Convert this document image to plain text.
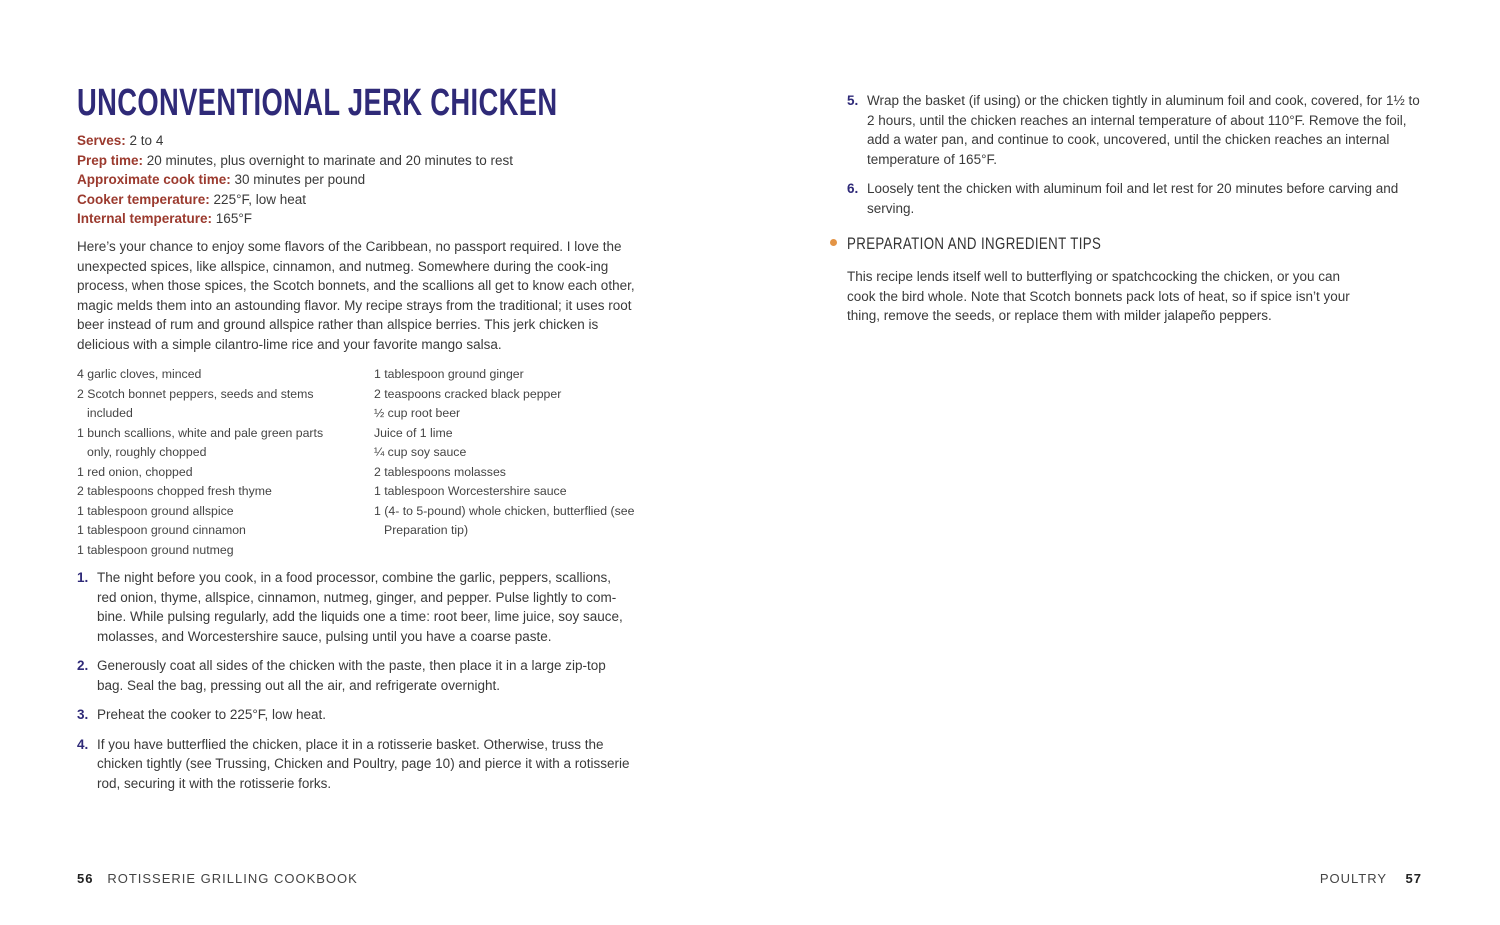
UNCONVENTIONAL JERK CHICKEN
Serves: 2 to 4
Prep time: 20 minutes, plus overnight to marinate and 20 minutes to rest
Approximate cook time: 30 minutes per pound
Cooker temperature: 225°F, low heat
Internal temperature: 165°F

Here’s your chance to enjoy some flavors of the Caribbean, no passport required. I love the unexpected spices, like allspice, cinnamon, and nutmeg. Somewhere during the cook-ing process, when those spices, the Scotch bonnets, and the scallions all get to know each other, magic melds them into an astounding flavor. My recipe strays from the traditional; it uses root beer instead of rum and ground allspice rather than allspice berries. This jerk chicken is delicious with a simple cilantro-lime rice and your favorite mango salsa.

4 garlic cloves, minced
2 Scotch bonnet peppers, seeds and stems included
1 bunch scallions, white and pale green parts only, roughly chopped
1 red onion, chopped
2 tablespoons chopped fresh thyme
1 tablespoon ground allspice
1 tablespoon ground cinnamon
1 tablespoon ground nutmeg
1 tablespoon ground ginger
2 teaspoons cracked black pepper
½ cup root beer
Juice of 1 lime
¼ cup soy sauce
2 tablespoons molasses
1 tablespoon Worcestershire sauce
1 (4- to 5-pound) whole chicken, butterflied (see Preparation tip)
1. The night before you cook, in a food processor, combine the garlic, peppers, scallions, red onion, thyme, allspice, cinnamon, nutmeg, ginger, and pepper. Pulse lightly to com-bine. While pulsing regularly, add the liquids one a time: root beer, lime juice, soy sauce, molasses, and Worcestershire sauce, pulsing until you have a coarse paste.
2. Generously coat all sides of the chicken with the paste, then place it in a large zip-top bag. Seal the bag, pressing out all the air, and refrigerate overnight.
3. Preheat the cooker to 225°F, low heat.
4. If you have butterflied the chicken, place it in a rotisserie basket. Otherwise, truss the chicken tightly (see Trussing, Chicken and Poultry, page 10) and pierce it with a rotisserie rod, securing it with the rotisserie forks.
5. Wrap the basket (if using) or the chicken tightly in aluminum foil and cook, covered, for 1½ to 2 hours, until the chicken reaches an internal temperature of about 110°F. Remove the foil, add a water pan, and continue to cook, uncovered, until the chicken reaches an internal temperature of 165°F.
6. Loosely tent the chicken with aluminum foil and let rest for 20 minutes before carving and serving.
PREPARATION AND INGREDIENT TIPS

This recipe lends itself well to butterflying or spatchcocking the chicken, or you can cook the bird whole. Note that Scotch bonnets pack lots of heat, so if spice isn’t your thing, remove the seeds, or replace them with milder jalapeño peppers.

56 ROTISSERIE GRILLING COOKBOOK	POULTRY 57
